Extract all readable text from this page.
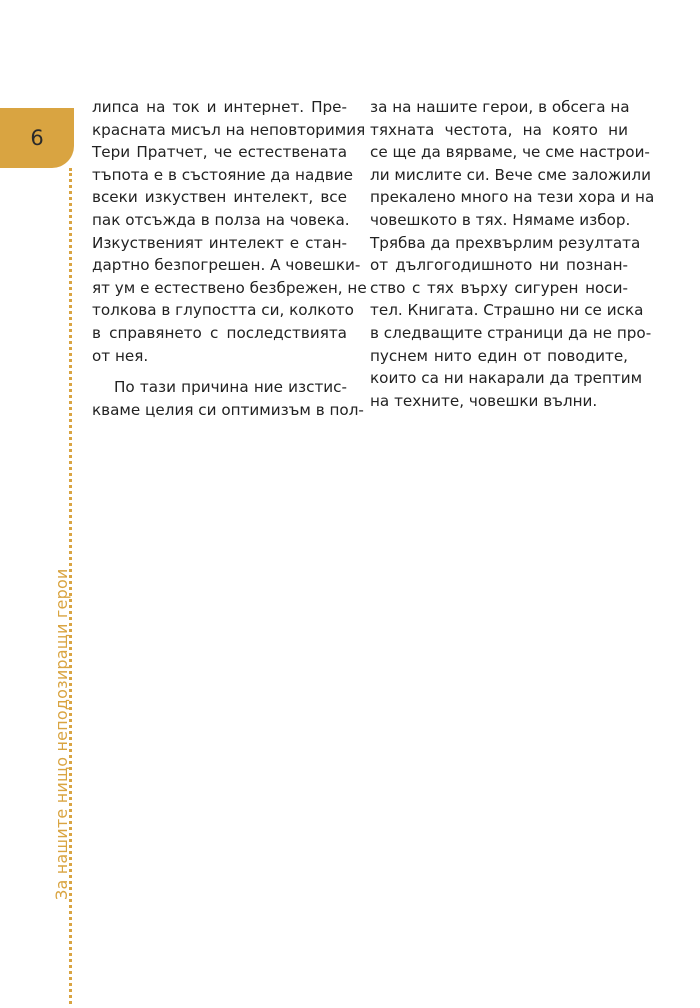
6
За нашите нищо неподозиращи герои
липса на ток и интернет. Пре-
красната мисъл на неповторимия
Тери Пратчет, че естествената
тъпота е в състояние да надвие
всеки изкуствен интелект, все
пак отсъжда в полза на човека.
Изкуственият интелект е стан-
дартно безпогрешен. А човешки-
ят ум е естествено безбрежен, не
толкова в глупостта си, колкото
в справянето с последствията
от нея.
По тази причина ние изстис-
кваме целия си оптимизъм в пол-
за на нашите герои, в обсега на
тяхната честота, на която ни
се ще да вярваме, че сме настрои-
ли мислите си. Вече сме заложили
прекалено много на тези хора и на
човешкото в тях. Нямаме избор.
Трябва да прехвърлим резултата
от дългогодишното ни познан-
ство с тях върху сигурен носи-
тел. Книгата. Страшно ни се иска
в следващите страници да не про-
пуснем нито един от поводите,
които са ни накарали да трептим
на техните, човешки вълни.
